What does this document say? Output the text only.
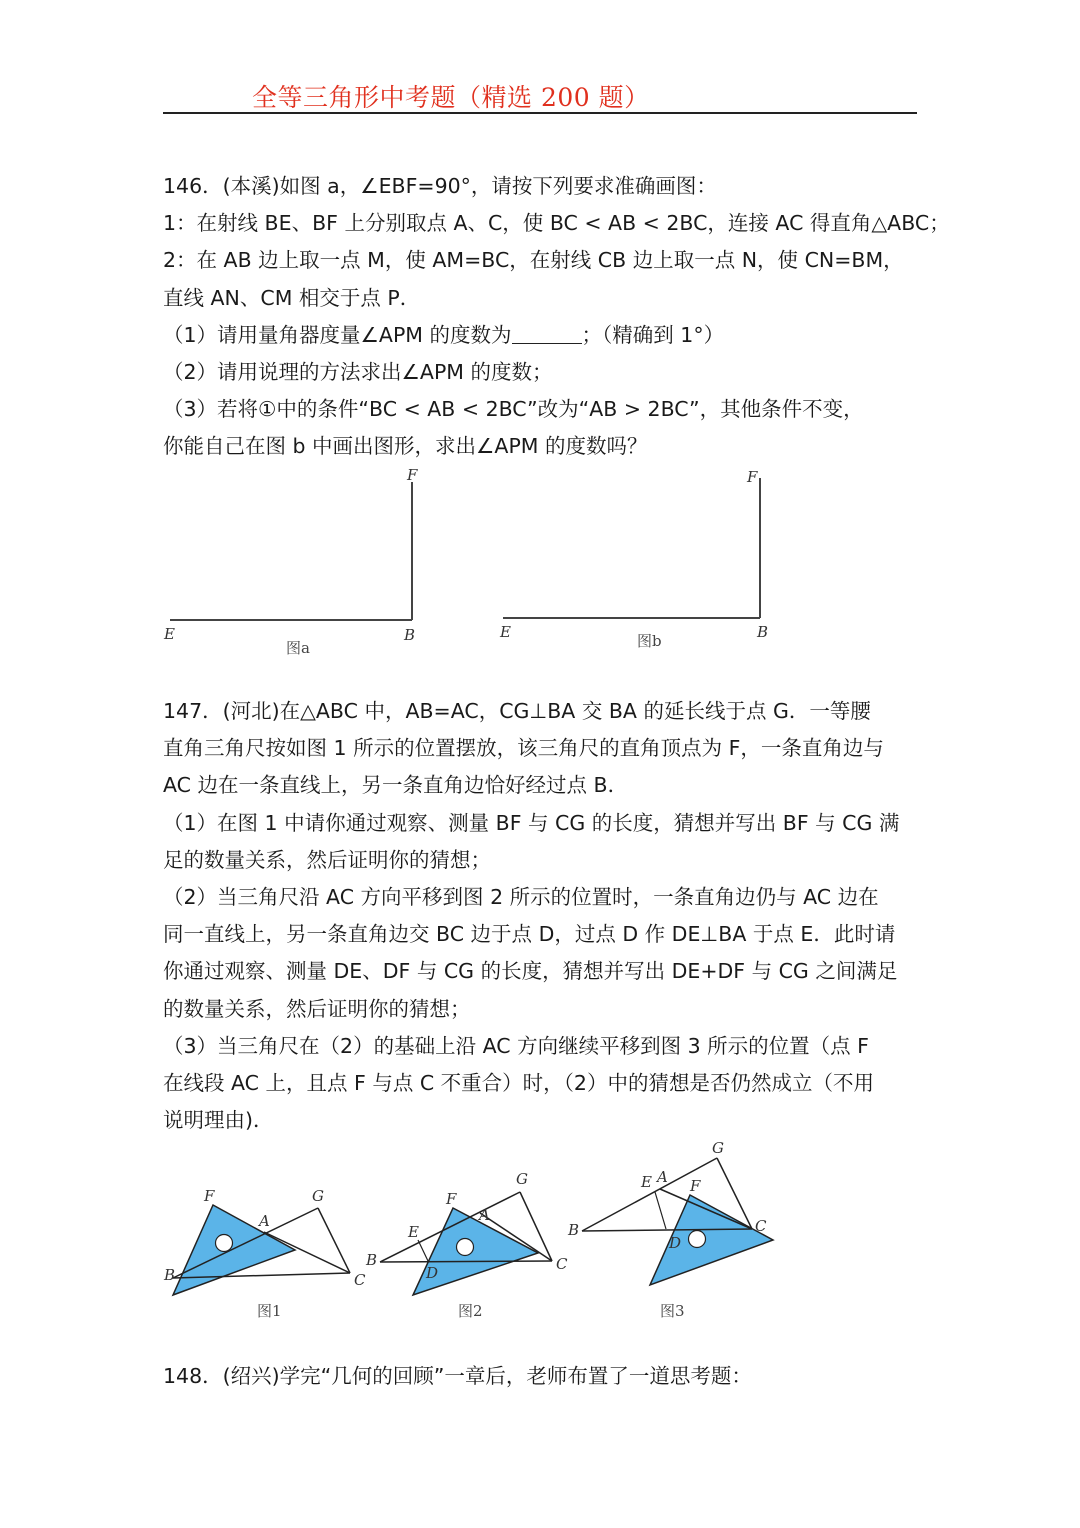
全等三角形中考题（精选 200 题）
146．(本溪)如图 a，∠EBF=90°，请按下列要求准确画图：
1：在射线 BE、BF 上分别取点 A、C，使 BC < AB < 2BC，连接 AC 得直角△ABC；
2：在 AB 边上取一点 M，使 AM=BC，在射线 CB 边上取一点 N，使 CN=BM，
直线 AN、CM 相交于点 P．
（1）请用量角器度量∠APM 的度数为	；（精确到 1°）
（2）请用说理的方法求出∠APM 的度数；
（3）若将①中的条件“BC < AB < 2BC”改为“AB > 2BC”，其他条件不变，
你能自己在图 b 中画出图形，求出∠APM 的度数吗？
E	B
F
图a
E	B
F
图b
147．(河北)在△ABC 中，AB=AC，CG⊥BA 交 BA 的延长线于点 G．一等腰
直角三角尺按如图 1 所示的位置摆放，该三角尺的直角顶点为 F，一条直角边与
AC 边在一条直线上，另一条直角边恰好经过点 B．
（1）在图 1 中请你通过观察、测量 BF 与 CG 的长度，猜想并写出 BF 与 CG 满
足的数量关系，然后证明你的猜想；
（2）当三角尺沿 AC 方向平移到图 2 所示的位置时，一条直角边仍与 AC 边在
同一直线上，另一条直角边交 BC 边于点 D，过点 D 作 DE⊥BA 于点 E．此时请
你通过观察、测量 DE、DF 与 CG 的长度，猜想并写出 DE+DF 与 CG 之间满足
的数量关系，然后证明你的猜想；
（3）当三角尺在（2）的基础上沿 AC 方向继续平移到图 3 所示的位置（点 F
在线段 AC 上，且点 F 与点 C 不重合）时，（2）中的猜想是否仍然成立（不用
说明理由)．
F	G
A
B	C
图1
F
G
A
E
B
D	C
图2
G
E A F
B	C
D
图3
148．(绍兴)学完“几何的回顾”一章后，老师布置了一道思考题：
